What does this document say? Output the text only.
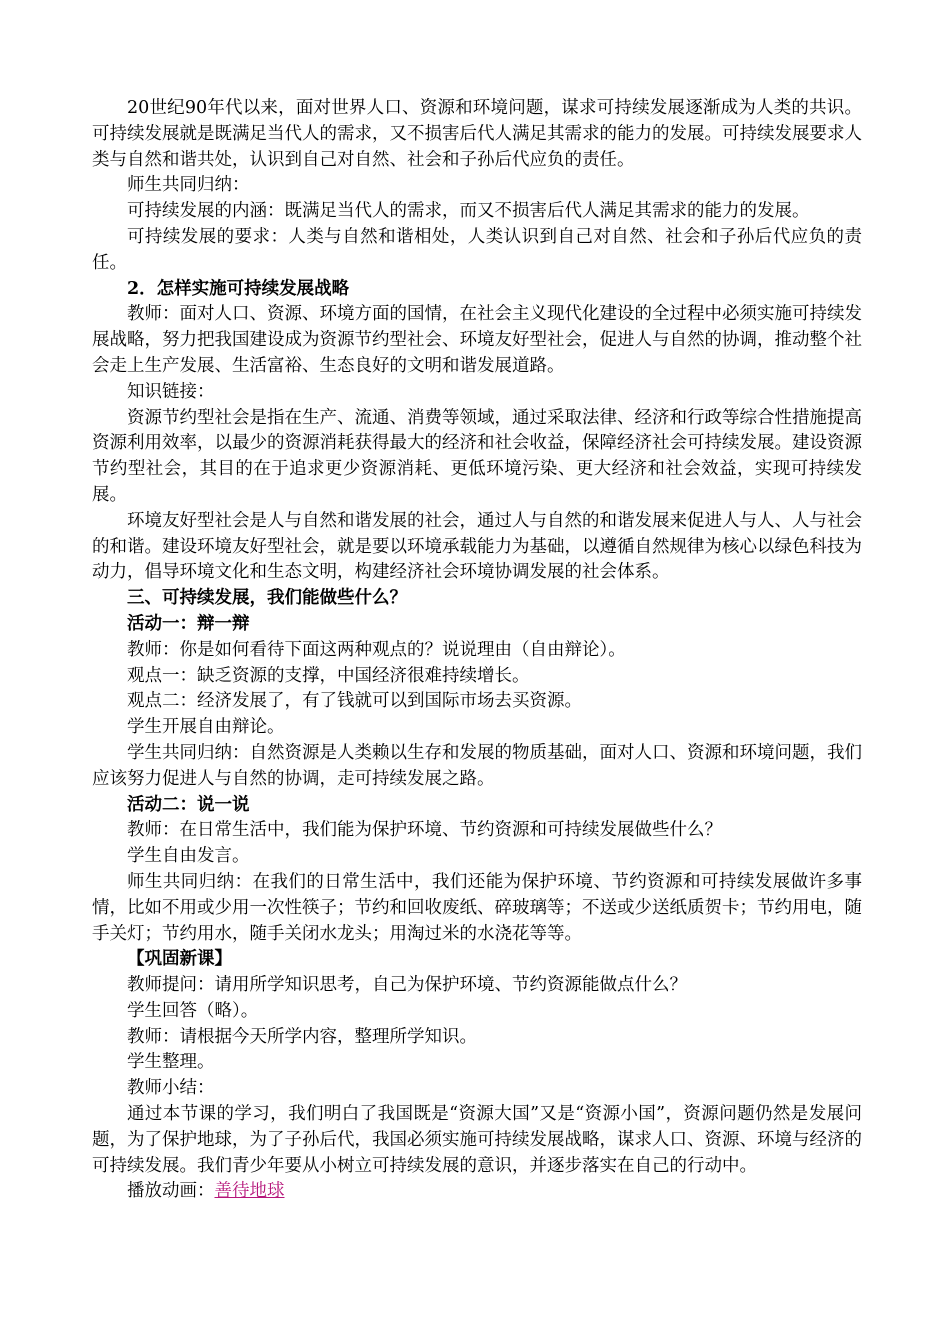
20世纪90年代以来，面对世界人口、资源和环境问题，谋求可持续发展逐渐成为人类的共识。可持续发展就是既满足当代人的需求，又不损害后代人满足其需求的能力的发展。可持续发展要求人类与自然和谐共处，认识到自己对自然、社会和子孙后代应负的责任。

师生共同归纳：

可持续发展的内涵：既满足当代人的需求，而又不损害后代人满足其需求的能力的发展。

可持续发展的要求：人类与自然和谐相处，人类认识到自己对自然、社会和子孙后代应负的责任。

2．怎样实施可持续发展战略

教师：面对人口、资源、环境方面的国情，在社会主义现代化建设的全过程中必须实施可持续发展战略，努力把我国建设成为资源节约型社会、环境友好型社会，促进人与自然的协调，推动整个社会走上生产发展、生活富裕、生态良好的文明和谐发展道路。

知识链接：

资源节约型社会是指在生产、流通、消费等领域，通过采取法律、经济和行政等综合性措施提高资源利用效率，以最少的资源消耗获得最大的经济和社会收益，保障经济社会可持续发展。建设资源节约型社会，其目的在于追求更少资源消耗、更低环境污染、更大经济和社会效益，实现可持续发展。

环境友好型社会是人与自然和谐发展的社会，通过人与自然的和谐发展来促进人与人、人与社会的和谐。建设环境友好型社会，就是要以环境承载能力为基础，以遵循自然规律为核心以绿色科技为动力，倡导环境文化和生态文明，构建经济社会环境协调发展的社会体系。

三、可持续发展，我们能做些什么？

活动一：辩一辩

教师：你是如何看待下面这两种观点的？说说理由（自由辩论）。

观点一：缺乏资源的支撑，中国经济很难持续增长。

观点二：经济发展了，有了钱就可以到国际市场去买资源。

学生开展自由辩论。

学生共同归纳：自然资源是人类赖以生存和发展的物质基础，面对人口、资源和环境问题，我们应该努力促进人与自然的协调，走可持续发展之路。

活动二：说一说

教师：在日常生活中，我们能为保护环境、节约资源和可持续发展做些什么？

学生自由发言。

师生共同归纳：在我们的日常生活中，我们还能为保护环境、节约资源和可持续发展做许多事情，比如不用或少用一次性筷子；节约和回收废纸、碎玻璃等；不送或少送纸质贺卡；节约用电，随手关灯；节约用水，随手关闭水龙头；用淘过米的水浇花等等。

【巩固新课】

教师提问：请用所学知识思考，自己为保护环境、节约资源能做点什么？

学生回答（略）。

教师：请根据今天所学内容，整理所学知识。

学生整理。

教师小结：

通过本节课的学习，我们明白了我国既是“资源大国”又是“资源小国”，资源问题仍然是发展问题，为了保护地球，为了子孙后代，我国必须实施可持续发展战略，谋求人口、资源、环境与经济的可持续发展。我们青少年要从小树立可持续发展的意识，并逐步落实在自己的行动中。

播放动画：善待地球
